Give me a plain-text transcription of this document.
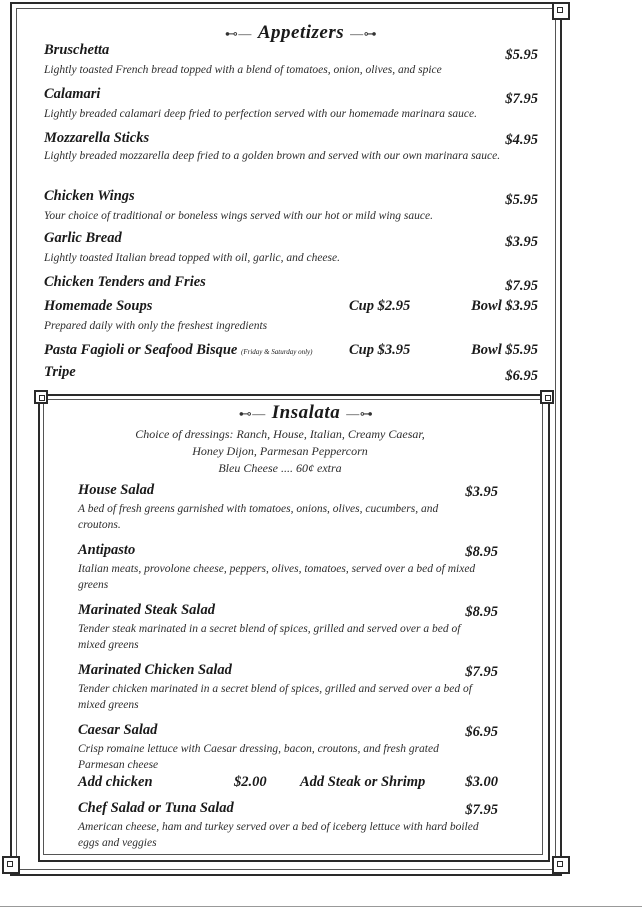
⊷— Appetizers —⊶
Bruschetta	$5.95
Lightly toasted French bread topped with a blend of tomatoes, onion, olives, and spice
Calamari	$7.95
Lightly breaded calamari deep fried to perfection served with our homemade marinara sauce.
Mozzarella Sticks	$4.95
Lightly breaded mozzarella deep fried to a golden brown and served with our own marinara sauce.
Chicken Wings	$5.95
Your choice of traditional or boneless wings served with our hot or mild wing sauce.
Garlic Bread	$3.95
Lightly toasted Italian bread topped with oil, garlic, and cheese.
Chicken Tenders and Fries	$7.95
Homemade Soups	Cup $2.95	Bowl $3.95
Prepared daily with only the freshest ingredients
Pasta Fagioli or Seafood Bisque (Friday & Saturday only)	Cup $3.95	Bowl $5.95
Tripe	$6.95
⊷— Insalata —⊶
Choice of dressings: Ranch, House, Italian, Creamy Caesar,
Honey Dijon, Parmesan Peppercorn
Bleu Cheese .... 60¢ extra
House Salad	$3.95
A bed of fresh greens garnished with tomatoes, onions, olives, cucumbers, and croutons.
Antipasto	$8.95
Italian meats, provolone cheese, peppers, olives, tomatoes, served over a bed of mixed greens
Marinated Steak Salad	$8.95
Tender steak marinated in a secret blend of spices, grilled and served over a bed of mixed greens
Marinated Chicken Salad	$7.95
Tender chicken marinated in a secret blend of spices, grilled and served over a bed of mixed greens
Caesar Salad	$6.95
Crisp romaine lettuce with Caesar dressing, bacon, croutons, and fresh grated Parmesan cheese
Add chicken	$2.00 Add Steak or Shrimp	$3.00
Chef Salad or Tuna Salad	$7.95
American cheese, ham and turkey served over a bed of iceberg lettuce with hard boiled eggs and veggies
